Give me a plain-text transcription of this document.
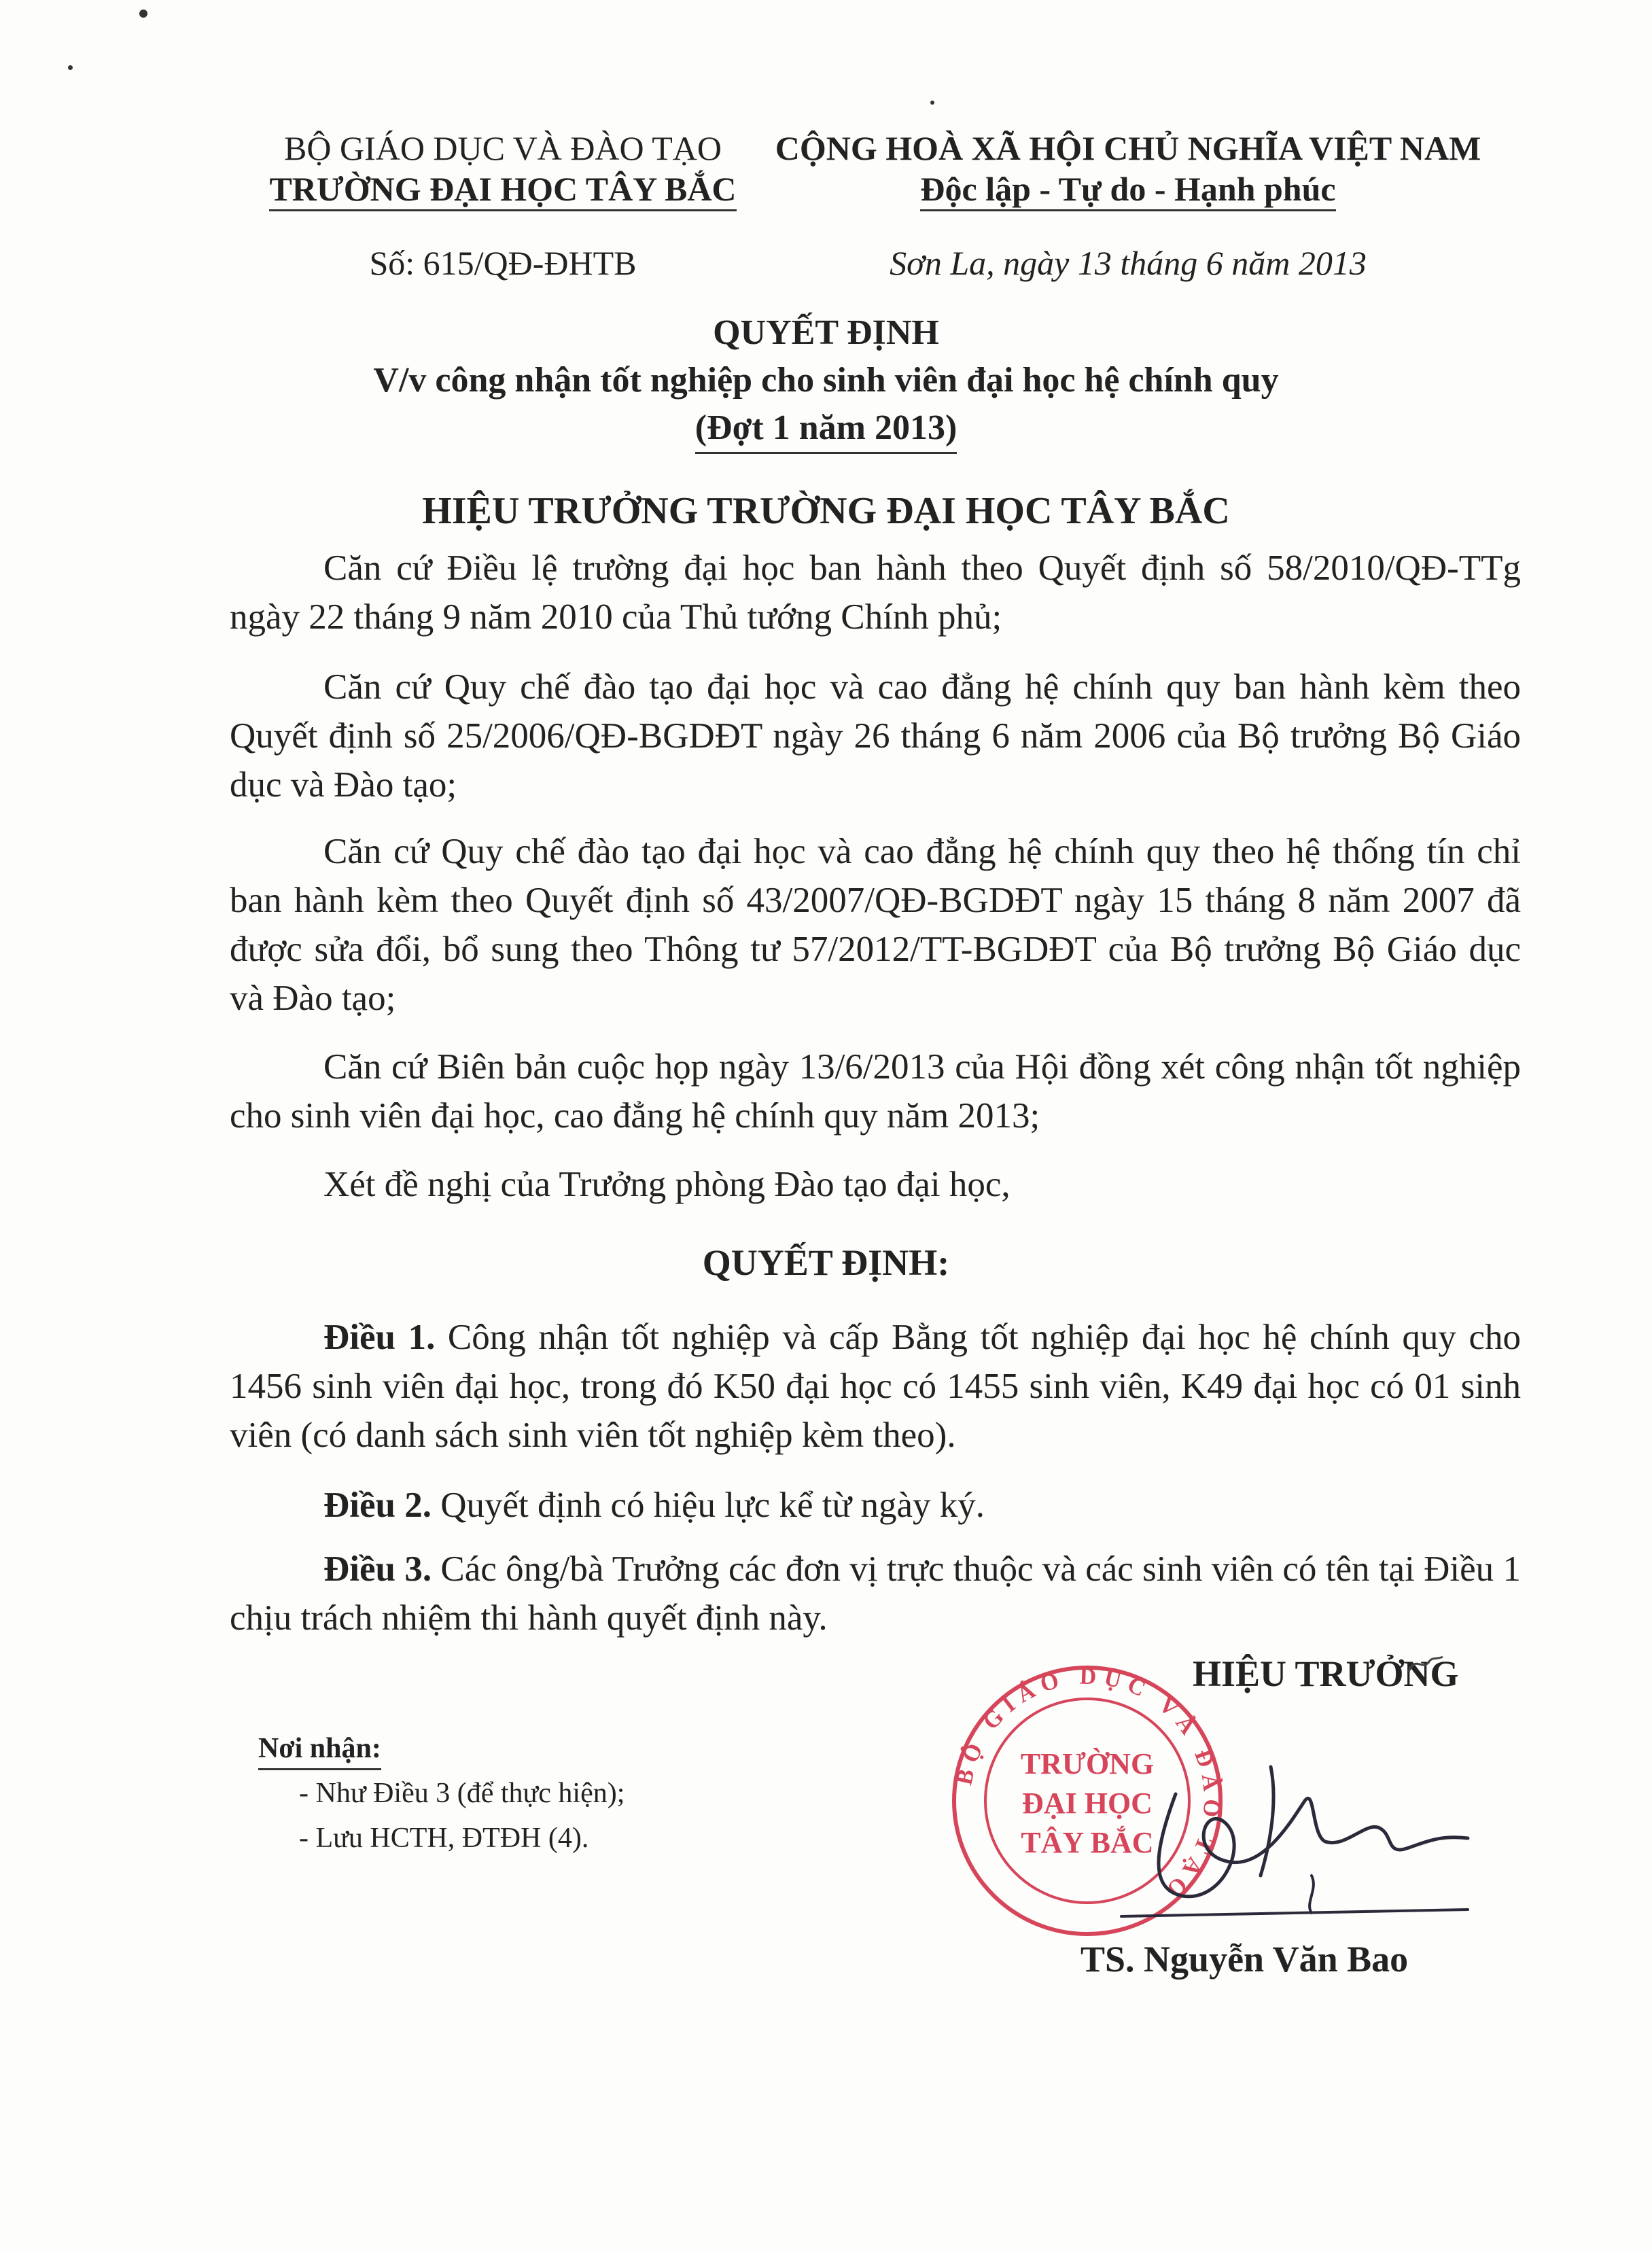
BỘ GIÁO DỤC VÀ ĐÀO TẠO
TRƯỜNG ĐẠI HỌC TÂY BẮC
Số: 615/QĐ-ĐHTB
CỘNG HOÀ XÃ HỘI CHỦ NGHĨA VIỆT NAM
Độc lập - Tự do - Hạnh phúc
Sơn La, ngày 13 tháng 6 năm 2013
QUYẾT ĐỊNH
V/v công nhận tốt nghiệp cho sinh viên đại học hệ chính quy
(Đợt 1 năm 2013)
HIỆU TRƯỞNG TRƯỜNG ĐẠI HỌC TÂY BẮC
Căn cứ Điều lệ trường đại học ban hành theo Quyết định số 58/2010/QĐ-TTg ngày 22 tháng 9 năm 2010 của Thủ tướng Chính phủ;
Căn cứ Quy chế đào tạo đại học và cao đẳng hệ chính quy ban hành kèm theo Quyết định số 25/2006/QĐ-BGDĐT ngày 26 tháng 6 năm 2006 của Bộ trưởng Bộ Giáo dục và Đào tạo;
Căn cứ Quy chế đào tạo đại học và cao đẳng hệ chính quy theo hệ thống tín chỉ ban hành kèm theo Quyết định số 43/2007/QĐ-BGDĐT ngày 15 tháng 8 năm 2007 đã được sửa đổi, bổ sung theo Thông tư 57/2012/TT-BGDĐT của Bộ trưởng Bộ Giáo dục và Đào tạo;
Căn cứ Biên bản cuộc họp ngày 13/6/2013 của Hội đồng xét công nhận tốt nghiệp cho sinh viên đại học, cao đẳng hệ chính quy năm 2013;
Xét đề nghị của Trưởng phòng Đào tạo đại học,
QUYẾT ĐỊNH:
Điều 1. Công nhận tốt nghiệp và cấp Bằng tốt nghiệp đại học hệ chính quy cho 1456 sinh viên đại học, trong đó K50 đại học có 1455 sinh viên, K49 đại học có 01 sinh viên (có danh sách sinh viên tốt nghiệp kèm theo).
Điều 2. Quyết định có hiệu lực kể từ ngày ký.
Điều 3. Các ông/bà Trưởng các đơn vị trực thuộc và các sinh viên có tên tại Điều 1 chịu trách nhiệm thi hành quyết định này.
Nơi nhận:
- Như Điều 3 (để thực hiện);
- Lưu HCTH, ĐTĐH (4).
HIỆU TRƯỞNG
BỘ GIÁO DỤC VÀ ĐÀO TẠO
TRƯỜNG
ĐẠI HỌC
TÂY BẮC
TS. Nguyễn Văn Bao
